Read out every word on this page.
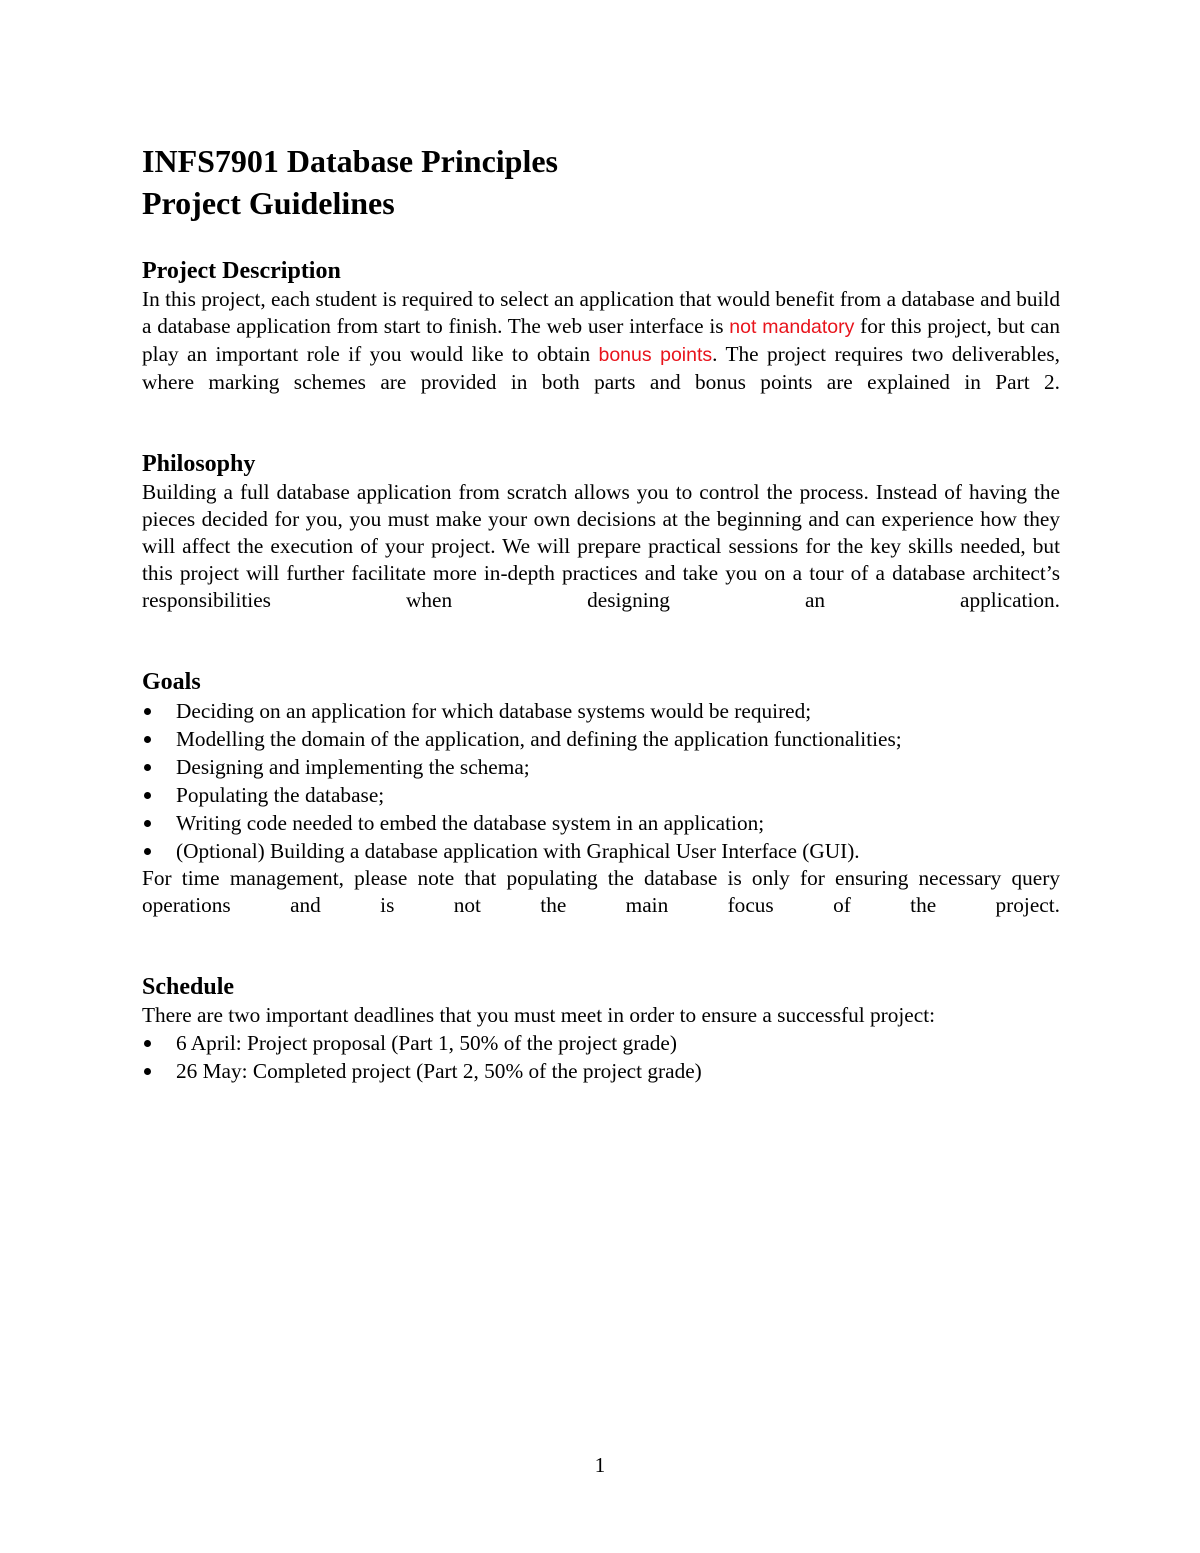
INFS7901 Database Principles
Project Guidelines
Project Description

In this project, each student is required to select an application that would benefit from a database and build a database application from start to finish. The web user interface is not mandatory for this project, but can play an important role if you would like to obtain bonus points. The project requires two deliverables, where marking schemes are provided in both parts and bonus points are explained in Part 2.

Philosophy

Building a full database application from scratch allows you to control the process. Instead of having the pieces decided for you, you must make your own decisions at the beginning and can experience how they will affect the execution of your project. We will prepare practical sessions for the key skills needed, but this project will further facilitate more in-depth practices and take you on a tour of a database architect’s responsibilities when designing an application.

Goals
Deciding on an application for which database systems would be required;
Modelling the domain of the application, and defining the application functionalities;
Designing and implementing the schema;
Populating the database;
Writing code needed to embed the database system in an application;
(Optional) Building a database application with Graphical User Interface (GUI).

For time management, please note that populating the database is only for ensuring necessary query operations and is not the main focus of the project.

Schedule

There are two important deadlines that you must meet in order to ensure a successful project:

6 April: Project proposal (Part 1, 50% of the project grade)
26 May: Completed project (Part 2, 50% of the project grade)
1
